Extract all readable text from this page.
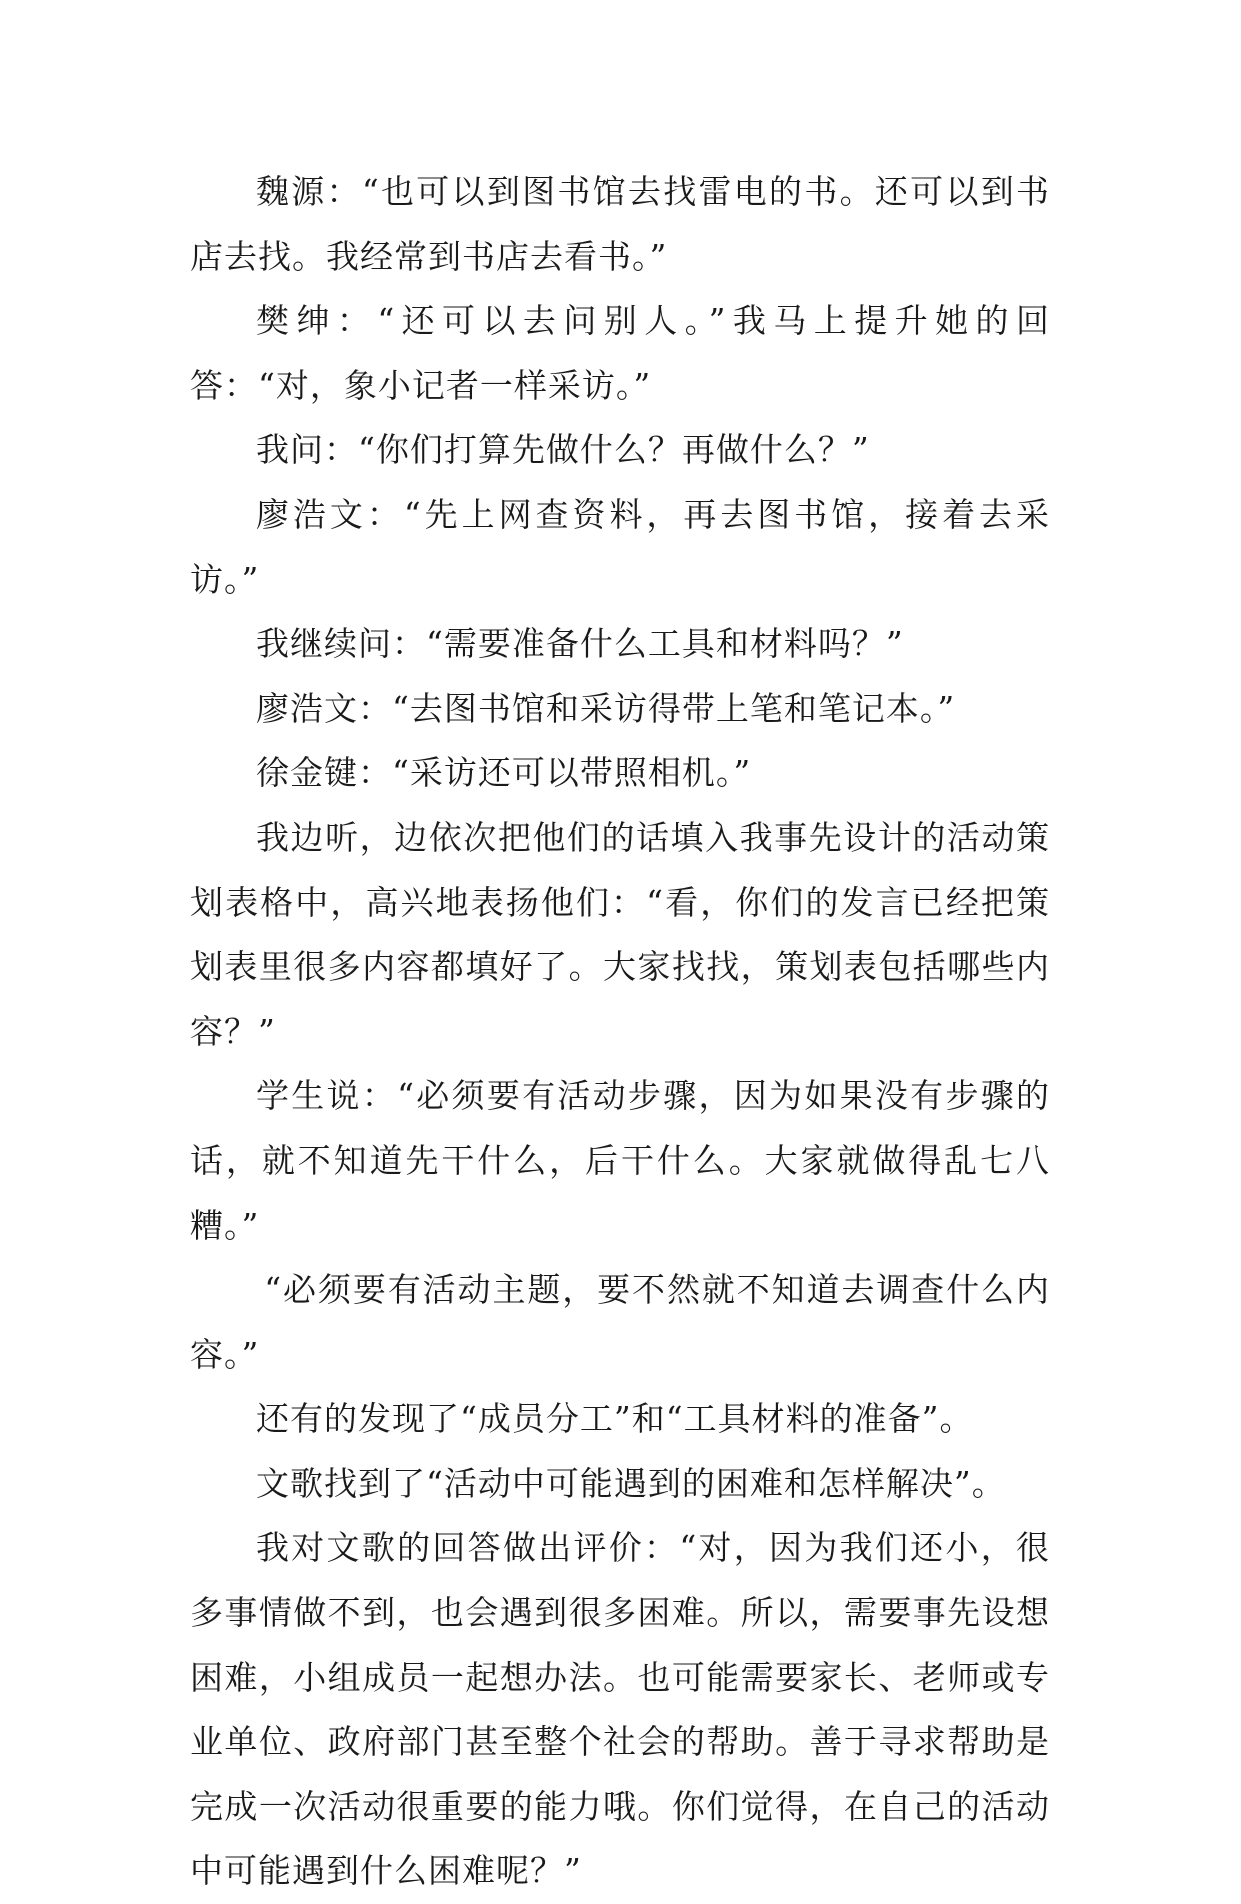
魏源：“也可以到图书馆去找雷电的书。还可以到书店去找。我经常到书店去看书。”

樊绅：“还可以去问别人。”我马上提升她的回答：“对，象小记者一样采访。”

我问：“你们打算先做什么？再做什么？”

廖浩文：“先上网查资料，再去图书馆，接着去采访。”

我继续问：“需要准备什么工具和材料吗？”

廖浩文：“去图书馆和采访得带上笔和笔记本。”

徐金键：“采访还可以带照相机。”

我边听，边依次把他们的话填入我事先设计的活动策划表格中，高兴地表扬他们：“看，你们的发言已经把策划表里很多内容都填好了。大家找找，策划表包括哪些内容？”

学生说：“必须要有活动步骤，因为如果没有步骤的话，就不知道先干什么，后干什么。大家就做得乱七八糟。”

“必须要有活动主题，要不然就不知道去调查什么内容。”

还有的发现了“成员分工”和“工具材料的准备”。

文歌找到了“活动中可能遇到的困难和怎样解决”。

我对文歌的回答做出评价：“对，因为我们还小，很多事情做不到，也会遇到很多困难。所以，需要事先设想困难，小组成员一起想办法。也可能需要家长、老师或专业单位、政府部门甚至整个社会的帮助。善于寻求帮助是完成一次活动很重要的能力哦。你们觉得，在自己的活动中可能遇到什么困难呢？”
